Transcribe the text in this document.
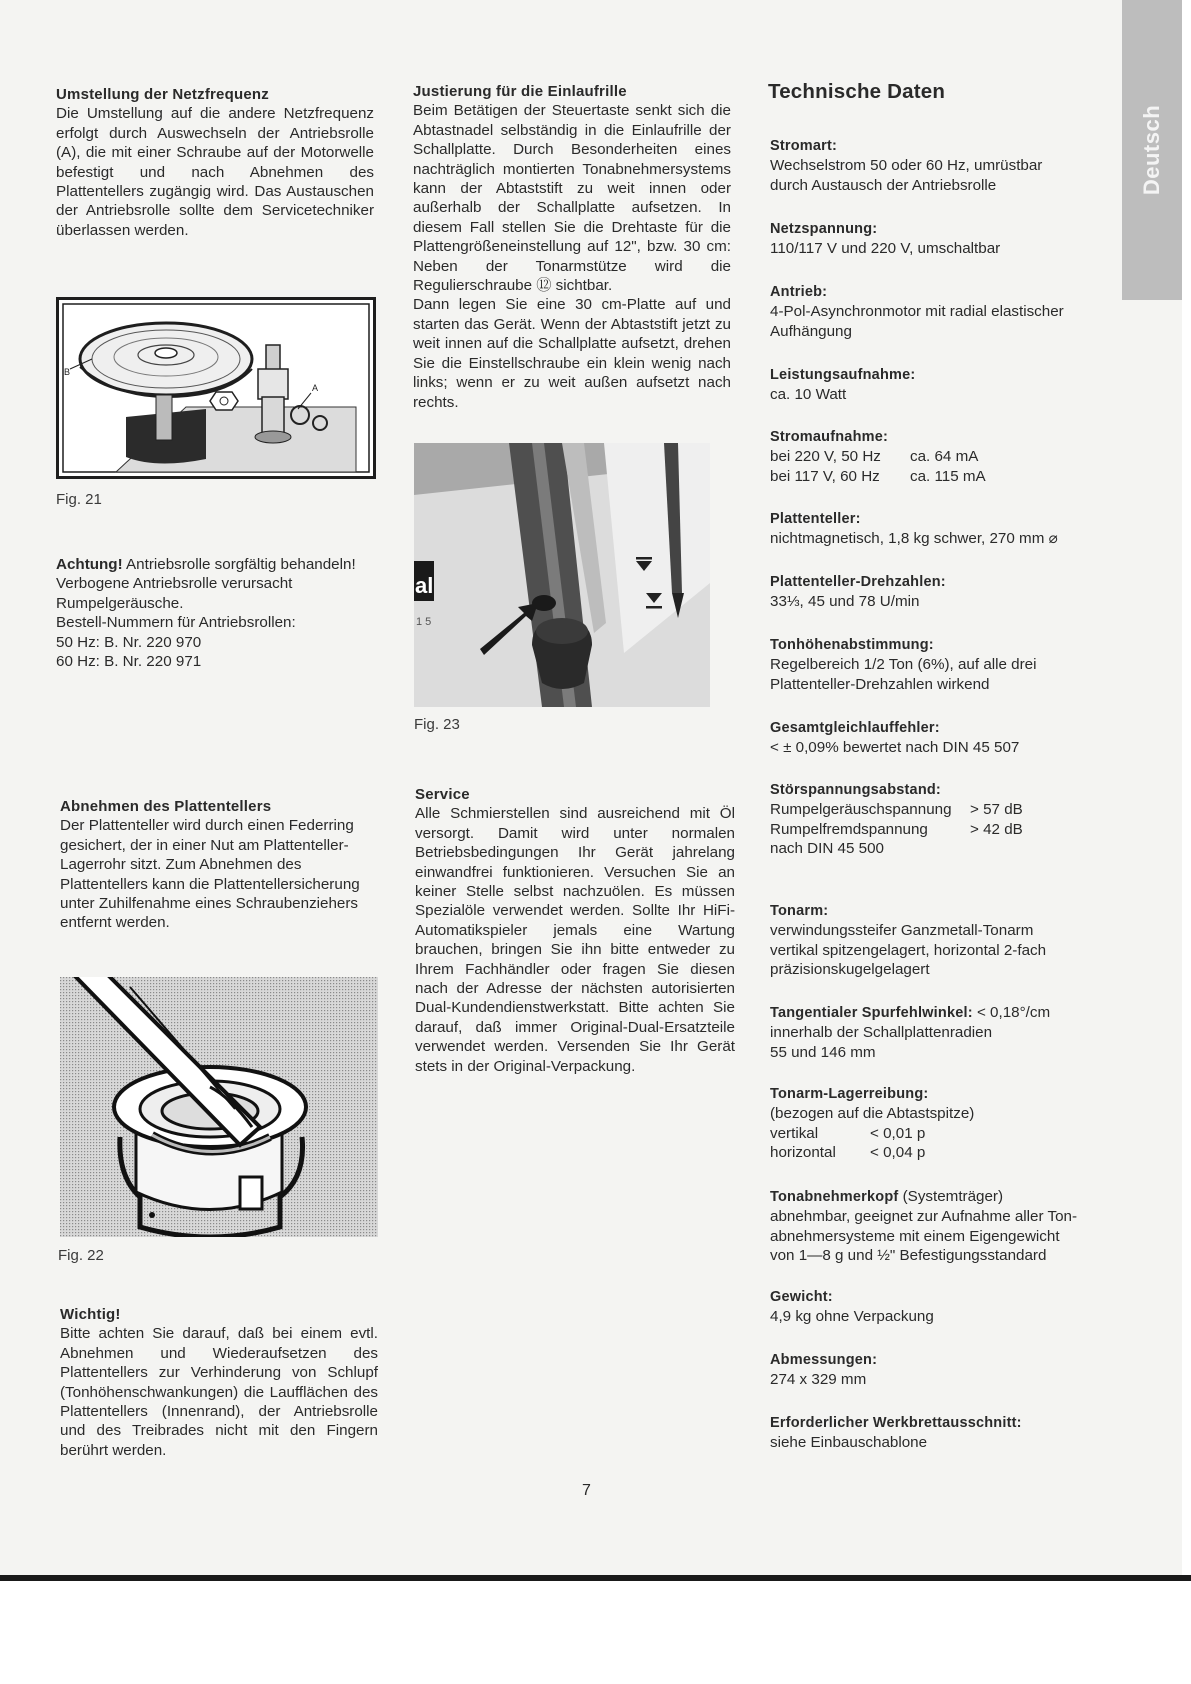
Deutsch
Umstellung der Netzfrequenz

Die Umstellung auf die andere Netzfrequenz erfolgt durch Auswechseln der Antriebsrolle (A), die mit einer Schraube auf der Motorwelle befestigt und nach Abnehmen des Plattentellers zugängig wird. Das Austauschen der Antriebsrolle sollte dem Servicetechniker überlassen werden.

B
A
Fig. 21

Achtung! Antriebsrolle sorgfältig behandeln! Verbogene Antriebsrolle verursacht Rumpelgeräusche.

Bestell-Nummern für Antriebsrollen:

50 Hz: B. Nr. 220 970

60 Hz: B. Nr. 220 971

Abnehmen des Plattentellers

Der Plattenteller wird durch einen Federring gesichert, der in einer Nut am Plattenteller-Lagerrohr sitzt. Zum Abnehmen des Plattentellers kann die Plattentellersicherung unter Zuhilfenahme eines Schraubenziehers entfernt werden.

Fig. 22
Wichtig!

Bitte achten Sie darauf, daß bei einem evtl. Abnehmen und Wiederaufsetzen des Plattentellers zur Verhinderung von Schlupf (Tonhöhenschwankungen) die Laufflächen des Plattentellers (Innenrand), der Antriebsrolle und des Treibrades nicht mit den Fingern berührt werden.

Justierung für die Einlaufrille

Beim Betätigen der Steuertaste senkt sich die Abtastnadel selbständig in die Einlaufrille der Schallplatte. Durch Besonderheiten eines nachträglich montierten Tonabnehmersystems kann der Abtaststift zu weit innen oder außerhalb der Schallplatte aufsetzen. In diesem Fall stellen Sie die Drehtaste für die Plattengrößeneinstellung auf 12", bzw. 30 cm: Neben der Tonarmstütze wird die Regulierschraube ⑫ sichtbar.

Dann legen Sie eine 30 cm-Platte auf und starten das Gerät. Wenn der Abtaststift jetzt zu weit innen auf die Schallplatte aufsetzt, drehen Sie die Einstellschraube ein klein wenig nach links; wenn er zu weit außen aufsetzt nach rechts.

al
1 5
Fig. 23
Service

Alle Schmierstellen sind ausreichend mit Öl versorgt. Damit wird unter normalen Betriebsbedingungen Ihr Gerät jahrelang einwandfrei funktionieren. Versuchen Sie an keiner Stelle selbst nachzuölen. Es müssen Spezialöle verwendet werden. Sollte Ihr HiFi-Automatikspieler jemals eine Wartung brauchen, bringen Sie ihn bitte entweder zu Ihrem Fachhändler oder fragen Sie diesen nach der Adresse der nächsten autorisierten Dual-Kundendienstwerkstatt. Bitte achten Sie darauf, daß immer Original-Dual-Ersatzteile verwendet werden. Versenden Sie Ihr Gerät stets in der Original-Verpackung.

Technische Daten
Stromart:
Wechselstrom 50 oder 60 Hz, umrüstbar
durch Austausch der Antriebsrolle
Netzspannung:
110/117 V und 220 V, umschaltbar
Antrieb:
4-Pol-Asynchronmotor mit radial elastischer
Aufhängung
Leistungsaufnahme:
ca. 10 Watt
Stromaufnahme:
bei 220 V, 50 Hz	ca. 64 mA
bei 117 V, 60 Hz	ca. 115 mA
Plattenteller:
nichtmagnetisch, 1,8 kg schwer, 270 mm ⌀
Plattenteller-Drehzahlen:
33⅓, 45 und 78 U/min
Tonhöhenabstimmung:
Regelbereich 1/2 Ton (6%), auf alle drei
Plattenteller-Drehzahlen wirkend
Gesamtgleichlauffehler:
< ± 0,09% bewertet nach DIN 45 507
Störspannungsabstand:
Rumpelgeräuschspannung	> 57 dB
Rumpelfremdspannung	> 42 dB
nach DIN 45 500
Tonarm:
verwindungssteifer Ganzmetall-Tonarm
vertikal spitzengelagert, horizontal 2-fach
präzisionskugelgelagert
Tangentialer Spurfehlwinkel: < 0,18°/cm
innerhalb der Schallplattenradien
55 und 146 mm
Tonarm-Lagerreibung:
(bezogen auf die Abtastspitze)
vertikal	< 0,01 p
horizontal	< 0,04 p
Tonabnehmerkopf (Systemträger)
abnehmbar, geeignet zur Aufnahme aller Ton-
abnehmersysteme mit einem Eigengewicht
von 1—8 g und ½" Befestigungsstandard
Gewicht:
4,9 kg ohne Verpackung
Abmessungen:
274 x 329 mm
Erforderlicher Werkbrettausschnitt:
siehe Einbauschablone
7
